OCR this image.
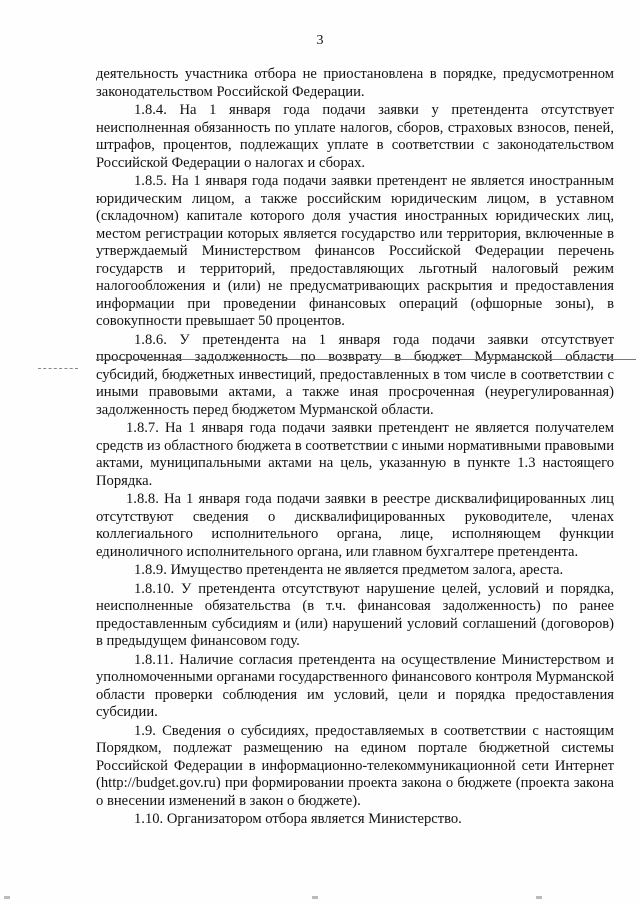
3

деятельность участника отбора не приостановлена в порядке, предусмотренном законодательством Российской Федерации.

1.8.4. На 1 января года подачи заявки у претендента отсутствует неисполненная обязанность по уплате налогов, сборов, страховых взносов, пеней, штрафов, процентов, подлежащих уплате в соответствии с законодательством Российской Федерации о налогах и сборах.

1.8.5. На 1 января года подачи заявки претендент не является иностранным юридическим лицом, а также российским юридическим лицом, в уставном (складочном) капитале которого доля участия иностранных юридических лиц, местом регистрации которых является государство или территория, включенные в утверждаемый Министерством финансов Российской Федерации перечень государств и территорий, предоставляющих льготный налоговый режим налогообложения и (или) не предусматривающих раскрытия и предоставления информации при проведении финансовых операций (офшорные зоны), в совокупности превышает 50 процентов.

1.8.6. У претендента на 1 января года подачи заявки отсутствует просроченная задолженность по возврату в бюджет Мурманской области субсидий, бюджетных инвестиций, предоставленных в том числе в соответствии с иными правовыми актами, а также иная просроченная (неурегулированная) задолженность перед бюджетом Мурманской области.

1.8.7. На 1 января года подачи заявки претендент не является получателем средств из областного бюджета в соответствии с иными нормативными правовыми актами, муниципальными актами на цель, указанную в пункте 1.3 настоящего Порядка.

1.8.8. На 1 января года подачи заявки в реестре дисквалифицированных лиц отсутствуют сведения о дисквалифицированных руководителе, членах коллегиального исполнительного органа, лице, исполняющем функции единоличного исполнительного органа, или главном бухгалтере претендента.

1.8.9. Имущество претендента не является предметом залога, ареста.

1.8.10. У претендента отсутствуют нарушение целей, условий и порядка, неисполненные обязательства (в т.ч. финансовая задолженность) по ранее предоставленным субсидиям и (или) нарушений условий соглашений (договоров) в предыдущем финансовом году.

1.8.11. Наличие согласия претендента на осуществление Министерством и уполномоченными органами государственного финансового контроля Мурманской области проверки соблюдения им условий, цели и порядка предоставления субсидии.

1.9. Сведения о субсидиях, предоставляемых в соответствии с настоящим Порядком, подлежат размещению на едином портале бюджетной системы Российской Федерации в информационно-телекоммуникационной сети Интернет (http://budget.gov.ru) при формировании проекта закона о бюджете (проекта закона о внесении изменений в закон о бюджете).

1.10. Организатором отбора является Министерство.
